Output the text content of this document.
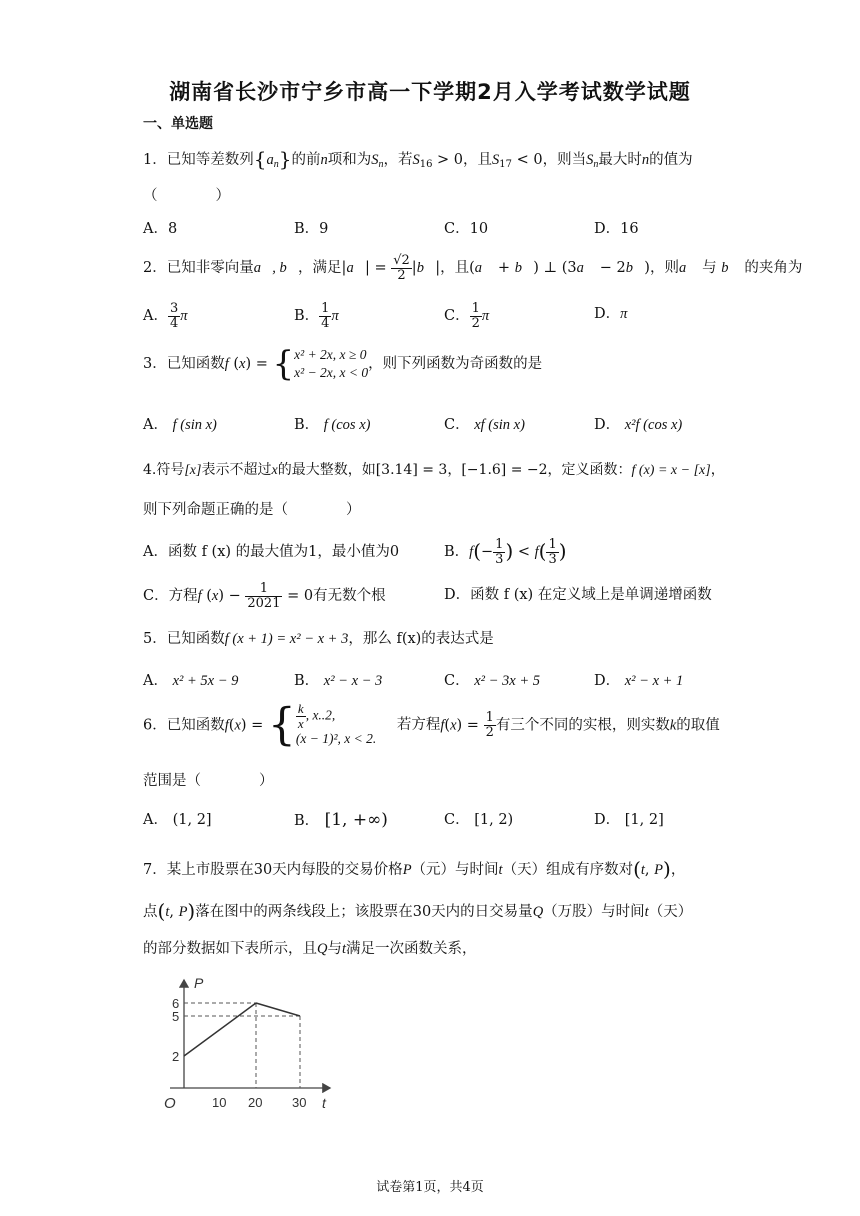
湖南省长沙市宁乡市高一下学期2月入学考试数学试题
一、单选题
1．已知等差数列$\{a_n\}$的前n项和为$S_n$，若$S_{16} > 0$，且$S_{17} < 0$，则当$S_n$最大时n的值为
（　　　　）
A．8	B．9	C．10	D．16
2．已知非零向量a⃗, b⃗，满足|a⃗| = $\frac{√2}{2}$ |b⃗|，且(a⃗ + b⃗) ⊥ (3a⃗ − 2b⃗)，则a⃗ 与 b⃗ 的夹角为
A． $\frac{3}{4}$ π	B． $\frac{1}{4}$ π	C． $\frac{1}{2}$ π	D．π
3．已知函数f (x) = { x² + 2x, x ≥ 0
x² − 2x, x < 0
，则下列函数为奇函数的是
A． f (sin x)	B． f (cos x)	C． xf (sin x)	D． x²f (cos x)
4.符号[x]表示不超过x的最大整数，如[3.14] = 3，[−1.6] = −2，定义函数：f (x) = x − [x]，
则下列命题正确的是（　　　　）
A．函数 f (x) 的最大值为1，最小值为0	B．$f(- \frac{1}{3}$ ) < $f( \frac{1}{3}$ )
C．方程f $(x) - \frac{1}{2021} = 0$有无数个根	D．函数 f (x) 在定义域上是单调递增函数
5．已知函数f (x + 1) = x² − x + 3，那么 f(x)的表达式是
A． x² + 5x − 9	B． x² − x − 3	C． x² − 3x + 5	D． x² − x + 1
6．已知函数f(x) = { $\frac{k}{x}$ , x..2,
(x − 1)², x < 2.
若方程$f(x) = \frac{1}{2}$ 有三个不同的实根，则实数k的取值
范围是（　　　　）
A． (1, 2]	B． [1, +∞)	C． [1, 2)	D． [1, 2]
7．某上市股票在30天内每股的交易价格P（元）与时间t（天）组成有序数对(t, P)，
点(t, P)落在图中的两条线段上；该股票在30天内的日交易量Q（万股）与时间t（天）
的部分数据如下表所示，且Q与t满足一次函数关系，
P
t
O
6
5
2
10 20 30
试卷第1页，共4页
